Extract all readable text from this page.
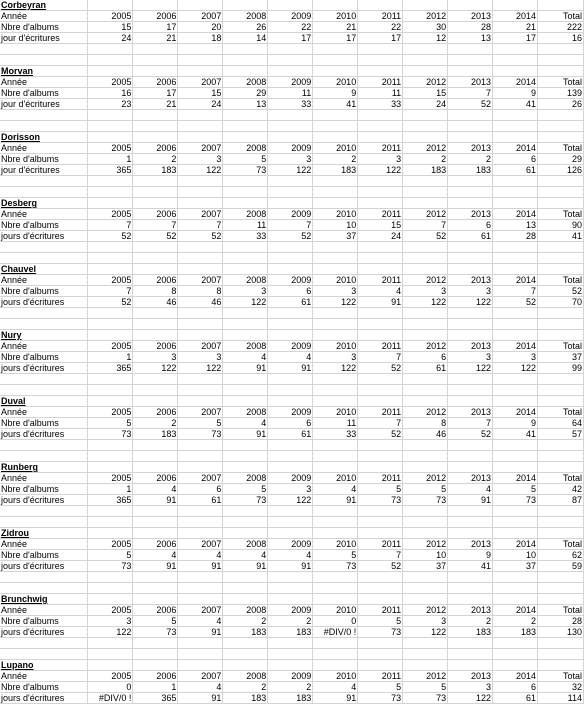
Corbeyran											
Année	2005	2006	2007	2008	2009	2010	2011	2012	2013	2014	Total
Nbre d'albums	15	17	20	26	22	21	22	30	28	21	222
jour d'écritures	24	21	18	14	17	17	17	12	13	17	16

Morvan											
Année	2005	2006	2007	2008	2009	2010	2011	2012	2013	2014	Total
Nbre d'albums	16	17	15	29	11	9	11	15	7	9	139
jour d'écritures	23	21	24	13	33	41	33	24	52	41	26

Dorisson											
Année	2005	2006	2007	2008	2009	2010	2011	2012	2013	2014	Total
Nbre d'albums	1	2	3	5	3	2	3	2	2	6	29
jour d'écritures	365	183	122	73	122	183	122	183	183	61	126

Desberg											
Année	2005	2006	2007	2008	2009	2010	2011	2012	2013	2014	Total
Nbre d'albums	7	7	7	11	7	10	15	7	6	13	90
jours d'écritures	52	52	52	33	52	37	24	52	61	28	41

Chauvel											
Année	2005	2006	2007	2008	2009	2010	2011	2012	2013	2014	Total
Nbre d'albums	7	8	8	3	6	3	4	3	3	7	52
jours d'écritures	52	46	46	122	61	122	91	122	122	52	70

Nury											
Année	2005	2006	2007	2008	2009	2010	2011	2012	2013	2014	Total
Nbre d'albums	1	3	3	4	4	3	7	6	3	3	37
jours d'écritures	365	122	122	91	91	122	52	61	122	122	99

Duval											
Année	2005	2006	2007	2008	2009	2010	2011	2012	2013	2014	Total
Nbre d'albums	5	2	5	4	6	11	7	8	7	9	64
jours d'écritures	73	183	73	91	61	33	52	46	52	41	57

Runberg											
Année	2005	2006	2007	2008	2009	2010	2011	2012	2013	2014	Total
Nbre d'albums	1	4	6	5	3	4	5	5	4	5	42
jours d'écritures	365	91	61	73	122	91	73	73	91	73	87

Zidrou											
Année	2005	2006	2007	2008	2009	2010	2011	2012	2013	2014	Total
Nbre d'albums	5	4	4	4	4	5	7	10	9	10	62
jours d'écritures	73	91	91	91	91	73	52	37	41	37	59

Brunchwig											
Année	2005	2006	2007	2008	2009	2010	2011	2012	2013	2014	Total
Nbre d'albums	3	5	4	2	2	0	5	3	2	2	28
jours d'écritures	122	73	91	183	183	#DIV/0 !	73	122	183	183	130

Lupano											
Année	2005	2006	2007	2008	2009	2010	2011	2012	2013	2014	Total
Nbre d'albums	0	1	4	2	2	4	5	5	3	6	32
jours d'écritures	#DIV/0 !	365	91	183	183	91	73	73	122	61	114
